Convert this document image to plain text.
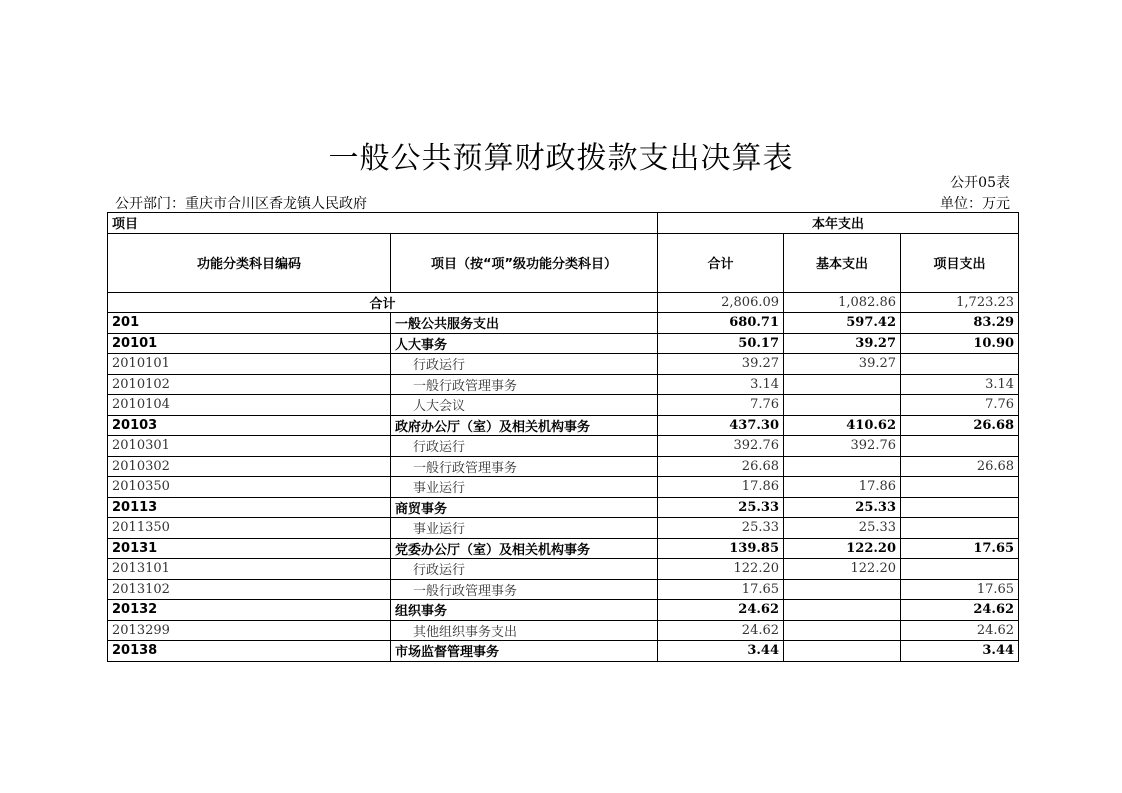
一般公共预算财政拨款支出决算表
公开05表
公开部门：重庆市合川区香龙镇人民政府	单位：万元
项目		本年支出		
功能分类科目编码	项目（按“项”级功能分类科目）	合计	基本支出	项目支出
合计		2,806.09	1,082.86	1,723.23
201	一般公共服务支出	680.71	597.42	83.29
20101	人大事务	50.17	39.27	10.90
2010101	行政运行	39.27	39.27	
2010102	一般行政管理事务	3.14		3.14
2010104	人大会议	7.76		7.76
20103	政府办公厅（室）及相关机构事务	437.30	410.62	26.68
2010301	行政运行	392.76	392.76	
2010302	一般行政管理事务	26.68		26.68
2010350	事业运行	17.86	17.86	
20113	商贸事务	25.33	25.33	
2011350	事业运行	25.33	25.33	
20131	党委办公厅（室）及相关机构事务	139.85	122.20	17.65
2013101	行政运行	122.20	122.20	
2013102	一般行政管理事务	17.65		17.65
20132	组织事务	24.62		24.62
2013299	其他组织事务支出	24.62		24.62
20138	市场监督管理事务	3.44		3.44
